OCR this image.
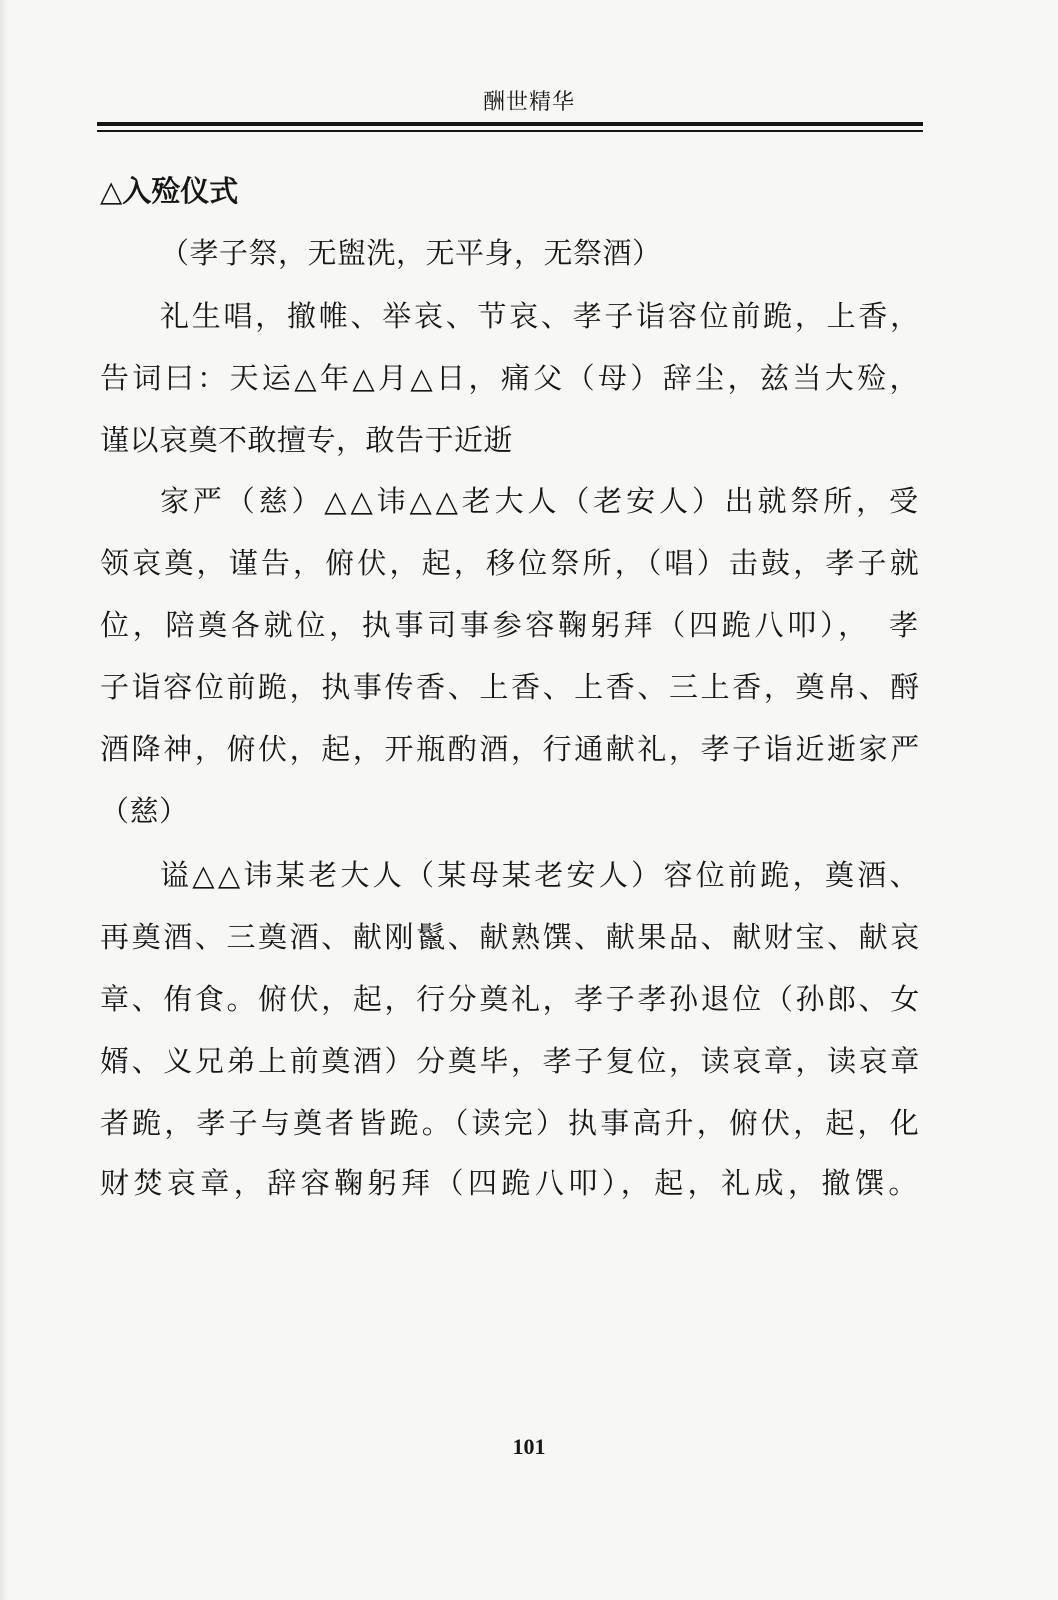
酬世精华
△入殓仪式
（孝子祭，无盥洗，无平身，无祭酒）
礼生唱，撤帷、举哀、节哀、孝子诣容位前跪，上香，
告词曰：天运△年△月△日，痛父（母）辞尘，兹当大殓，
谨以哀奠不敢擅专，敢告于近逝
家严（慈）△△讳△△老大人（老安人）出就祭所，受
领哀奠，谨告，俯伏，起，移位祭所，（唱）击鼓，孝子就
位，陪奠各就位，执事司事参容鞠躬拜（四跪八叩），　孝
子诣容位前跪，执事传香、上香、上香、三上香，奠帛、酹
酒降神，俯伏，起，开瓶酌酒，行通献礼，孝子诣近逝家严
（慈）
谥△△讳某老大人（某母某老安人）容位前跪，奠酒、
再奠酒、三奠酒、献刚鬣、献熟馔、献果品、献财宝、献哀
章、侑食。俯伏，起，行分奠礼，孝子孝孙退位（孙郎、女
婿、义兄弟上前奠酒）分奠毕，孝子复位，读哀章，读哀章
者跪，孝子与奠者皆跪。（读完）执事高升，俯伏，起，化
财焚哀章，辞容鞠躬拜（四跪八叩），起，礼成，撤馔。
101
